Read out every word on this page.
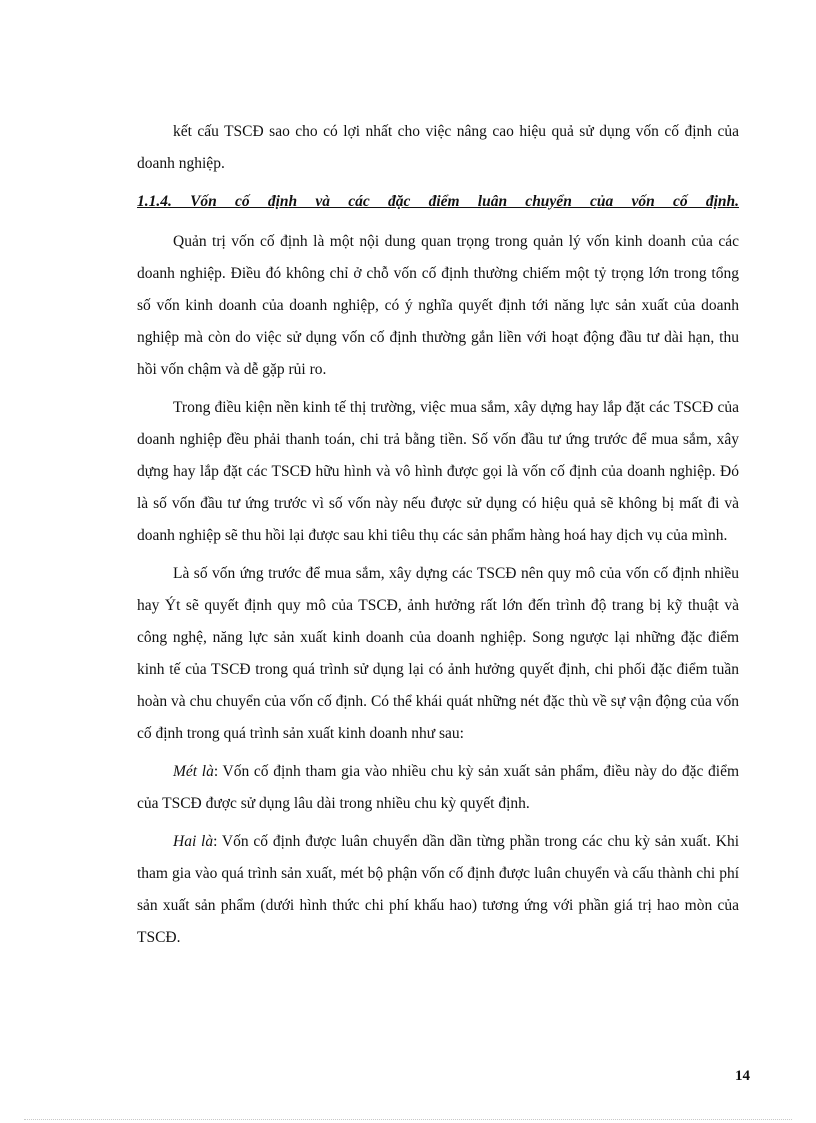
kết cấu TSCĐ sao cho có lợi nhất cho việc nâng cao hiệu quả sử dụng vốn cố định của doanh nghiệp.

1.1.4. Vốn cố định và các đặc điểm luân chuyển của vốn cố định.

Quản trị vốn cố định là một nội dung quan trọng trong quản lý vốn kinh doanh của các doanh nghiệp. Điều đó không chỉ ở chỗ vốn cố định thường chiếm một tỷ trọng lớn trong tổng số vốn kinh doanh của doanh nghiệp, có ý nghĩa quyết định tới năng lực sản xuất của doanh nghiệp mà còn do việc sử dụng vốn cố định thường gắn liền với hoạt động đầu tư dài hạn, thu hồi vốn chậm và dễ gặp rủi ro.

Trong điều kiện nền kinh tế thị trường, việc mua sắm, xây dựng hay lắp đặt các TSCĐ của doanh nghiệp đều phải thanh toán, chi trả bằng tiền. Số vốn đầu tư ứng trước để mua sắm, xây dựng hay lắp đặt các TSCĐ hữu hình và vô hình được gọi là vốn cố định của doanh nghiệp. Đó là số vốn đầu tư ứng trước vì số vốn này nếu được sử dụng có hiệu quả sẽ không bị mất đi và doanh nghiệp sẽ thu hồi lại được sau khi tiêu thụ các sản phẩm hàng hoá hay dịch vụ của mình.

Là số vốn ứng trước để mua sắm, xây dựng các TSCĐ nên quy mô của vốn cố định nhiều hay Ýt sẽ quyết định quy mô của TSCĐ, ảnh hưởng rất lớn đến trình độ trang bị kỹ thuật và công nghệ, năng lực sản xuất kinh doanh của doanh nghiệp. Song ngược lại những đặc điểm kinh tế của TSCĐ trong quá trình sử dụng lại có ảnh hưởng quyết định, chi phối đặc điểm tuần hoàn và chu chuyển của vốn cố định. Có thể khái quát những nét đặc thù về sự vận động của vốn cố định trong quá trình sản xuất kinh doanh như sau:

Mét là: Vốn cố định tham gia vào nhiều chu kỳ sản xuất sản phẩm, điều này do đặc điểm của TSCĐ được sử dụng lâu dài trong nhiều chu kỳ quyết định.

Hai là: Vốn cố định được luân chuyển dần dần từng phần trong các chu kỳ sản xuất. Khi tham gia vào quá trình sản xuất, mét bộ phận vốn cố định được luân chuyển và cấu thành chi phí sản xuất sản phẩm (dưới hình thức chi phí khấu hao) tương ứng với phần giá trị hao mòn của TSCĐ.

14
